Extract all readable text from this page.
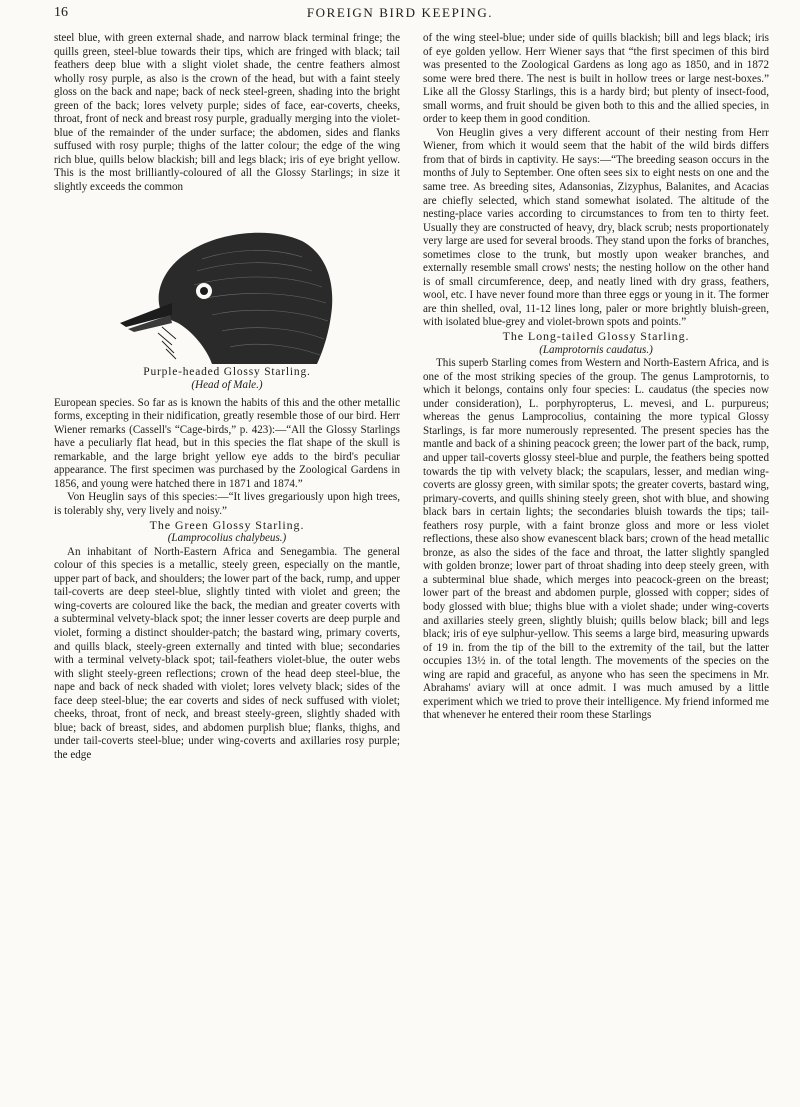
16	FOREIGN BIRD KEEPING.

steel blue, with green external shade, and narrow black terminal fringe; the quills green, steel-blue towards their tips, which are fringed with black; tail feathers deep blue with a slight violet shade, the centre feathers almost wholly rosy purple, as also is the crown of the head, but with a faint steely gloss on the back and nape; back of neck steel-green, shading into the bright green of the back; lores velvety purple; sides of face, ear-coverts, cheeks, throat, front of neck and breast rosy purple, gradually merging into the violet-blue of the remainder of the under surface; the abdomen, sides and flanks suffused with rosy purple; thighs of the latter colour; the edge of the wing rich blue, quills below blackish; bill and legs black; iris of eye bright yellow. This is the most brilliantly-coloured of all the Glossy Starlings; in size it slightly exceeds the common

Purple-headed Glossy Starling.
(Head of Male.)

European species. So far as is known the habits of this and the other metallic forms, excepting in their nidification, greatly resemble those of our bird. Herr Wiener remarks (Cassell's “Cage-birds,” p. 423):—“All the Glossy Starlings have a peculiarly flat head, but in this species the flat shape of the skull is remarkable, and the large bright yellow eye adds to the bird's peculiar appearance. The first specimen was purchased by the Zoological Gardens in 1856, and young were hatched there in 1871 and 1874.”

Von Heuglin says of this species:—“It lives gregariously upon high trees, is tolerably shy, very lively and noisy.”

The Green Glossy Starling.

(Lamprocolius chalybeus.)

An inhabitant of North-Eastern Africa and Senegambia. The general colour of this species is a metallic, steely green, especially on the mantle, upper part of back, and shoulders; the lower part of the back, rump, and upper tail-coverts are deep steel-blue, slightly tinted with violet and green; the wing-coverts are coloured like the back, the median and greater coverts with a subterminal velvety-black spot; the inner lesser coverts are deep purple and violet, forming a distinct shoulder-patch; the bastard wing, primary coverts, and quills black, steely-green externally and tinted with blue; secondaries with a terminal velvety-black spot; tail-feathers violet-blue, the outer webs with slight steely-green reflections; crown of the head deep steel-blue, the nape and back of neck shaded with violet; lores velvety black; sides of the face deep steel-blue; the ear coverts and sides of neck suffused with violet; cheeks, throat, front of neck, and breast steely-green, slightly shaded with blue; back of breast, sides, and abdomen purplish blue; flanks, thighs, and under tail-coverts steel-blue; under wing-coverts and axillaries rosy purple; the edge

of the wing steel-blue; under side of quills blackish; bill and legs black; iris of eye golden yellow. Herr Wiener says that “the first specimen of this bird was presented to the Zoological Gardens as long ago as 1850, and in 1872 some were bred there. The nest is built in hollow trees or large nest-boxes.” Like all the Glossy Starlings, this is a hardy bird; but plenty of insect-food, small worms, and fruit should be given both to this and the allied species, in order to keep them in good condition.

Von Heuglin gives a very different account of their nesting from Herr Wiener, from which it would seem that the habit of the wild birds differs from that of birds in captivity. He says:—“The breeding season occurs in the months of July to September. One often sees six to eight nests on one and the same tree. As breeding sites, Adansonias, Zizyphus, Balanites, and Acacias are chiefly selected, which stand somewhat isolated. The altitude of the nesting-place varies according to circumstances to from ten to thirty feet. Usually they are constructed of heavy, dry, black scrub; nests proportionately very large are used for several broods. They stand upon the forks of branches, sometimes close to the trunk, but mostly upon weaker branches, and externally resemble small crows' nests; the nesting hollow on the other hand is of small circumference, deep, and neatly lined with dry grass, feathers, wool, etc. I have never found more than three eggs or young in it. The former are thin shelled, oval, 11-12 lines long, paler or more brightly bluish-green, with isolated blue-grey and violet-brown spots and points.”

The Long-tailed Glossy Starling.

(Lamprotornis caudatus.)

This superb Starling comes from Western and North-Eastern Africa, and is one of the most striking species of the group. The genus Lamprotornis, to which it belongs, contains only four species: L. caudatus (the species now under consideration), L. porphyropterus, L. mevesi, and L. purpureus; whereas the genus Lamprocolius, containing the more typical Glossy Starlings, is far more numerously represented. The present species has the mantle and back of a shining peacock green; the lower part of the back, rump, and upper tail-coverts glossy steel-blue and purple, the feathers being spotted towards the tip with velvety black; the scapulars, lesser, and median wing-coverts are glossy green, with similar spots; the greater coverts, bastard wing, primary-coverts, and quills shining steely green, shot with blue, and showing black bars in certain lights; the secondaries bluish towards the tips; tail-feathers rosy purple, with a faint bronze gloss and more or less violet reflections, these also show evanescent black bars; crown of the head metallic bronze, as also the sides of the face and throat, the latter slightly spangled with golden bronze; lower part of throat shading into deep steely green, with a subterminal blue shade, which merges into peacock-green on the breast; lower part of the breast and abdomen purple, glossed with copper; sides of body glossed with blue; thighs blue with a violet shade; under wing-coverts and axillaries steely green, slightly bluish; quills below black; bill and legs black; iris of eye sulphur-yellow. This seems a large bird, measuring upwards of 19 in. from the tip of the bill to the extremity of the tail, but the latter occupies 13½ in. of the total length. The movements of the species on the wing are rapid and graceful, as anyone who has seen the specimens in Mr. Abrahams' aviary will at once admit. I was much amused by a little experiment which we tried to prove their intelligence. My friend informed me that whenever he entered their room these Starlings
